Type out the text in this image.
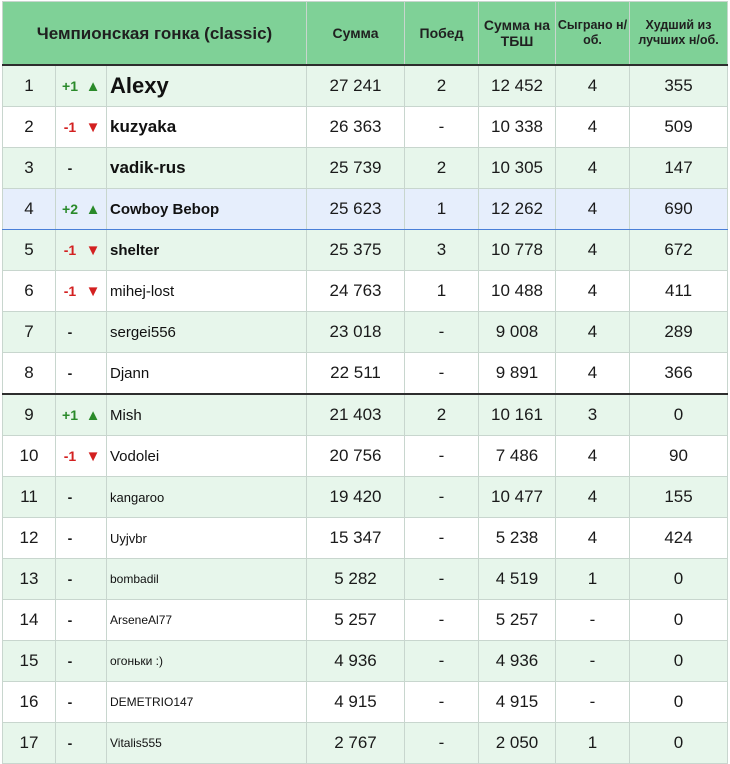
Чемпионская гонка (classic)			Сумма	Побед	Сумма на ТБШ	Сыграно н/об.	Худший из лучших н/об.
1	+1 ▲	Alexy	27 241	2	12 452	4	355
2	-1 ▼	kuzyaka	26 363	-	10 338	4	509
3	-	vadik-rus	25 739	2	10 305	4	147
4	+2 ▲	Cowboy Bebop	25 623	1	12 262	4	690
5	-1 ▼	shelter	25 375	3	10 778	4	672
6	-1 ▼	mihej-lost	24 763	1	10 488	4	411
7	-	sergei556	23 018	-	9 008	4	289
8	-	Djann	22 511	-	9 891	4	366
9	+1 ▲	Mish	21 403	2	10 161	3	0
10	-1 ▼	Vodolei	20 756	-	7 486	4	90
11	-	kangaroo	19 420	-	10 477	4	155
12	-	Uyjvbr	15 347	-	5 238	4	424
13	-	bombadil	5 282	-	4 519	1	0
14	-	ArseneAl77	5 257	-	5 257	-	0
15	-	огоньки :)	4 936	-	4 936	-	0
16	-	DEMETRIO147	4 915	-	4 915	-	0
17	-	Vitalis555	2 767	-	2 050	1	0
